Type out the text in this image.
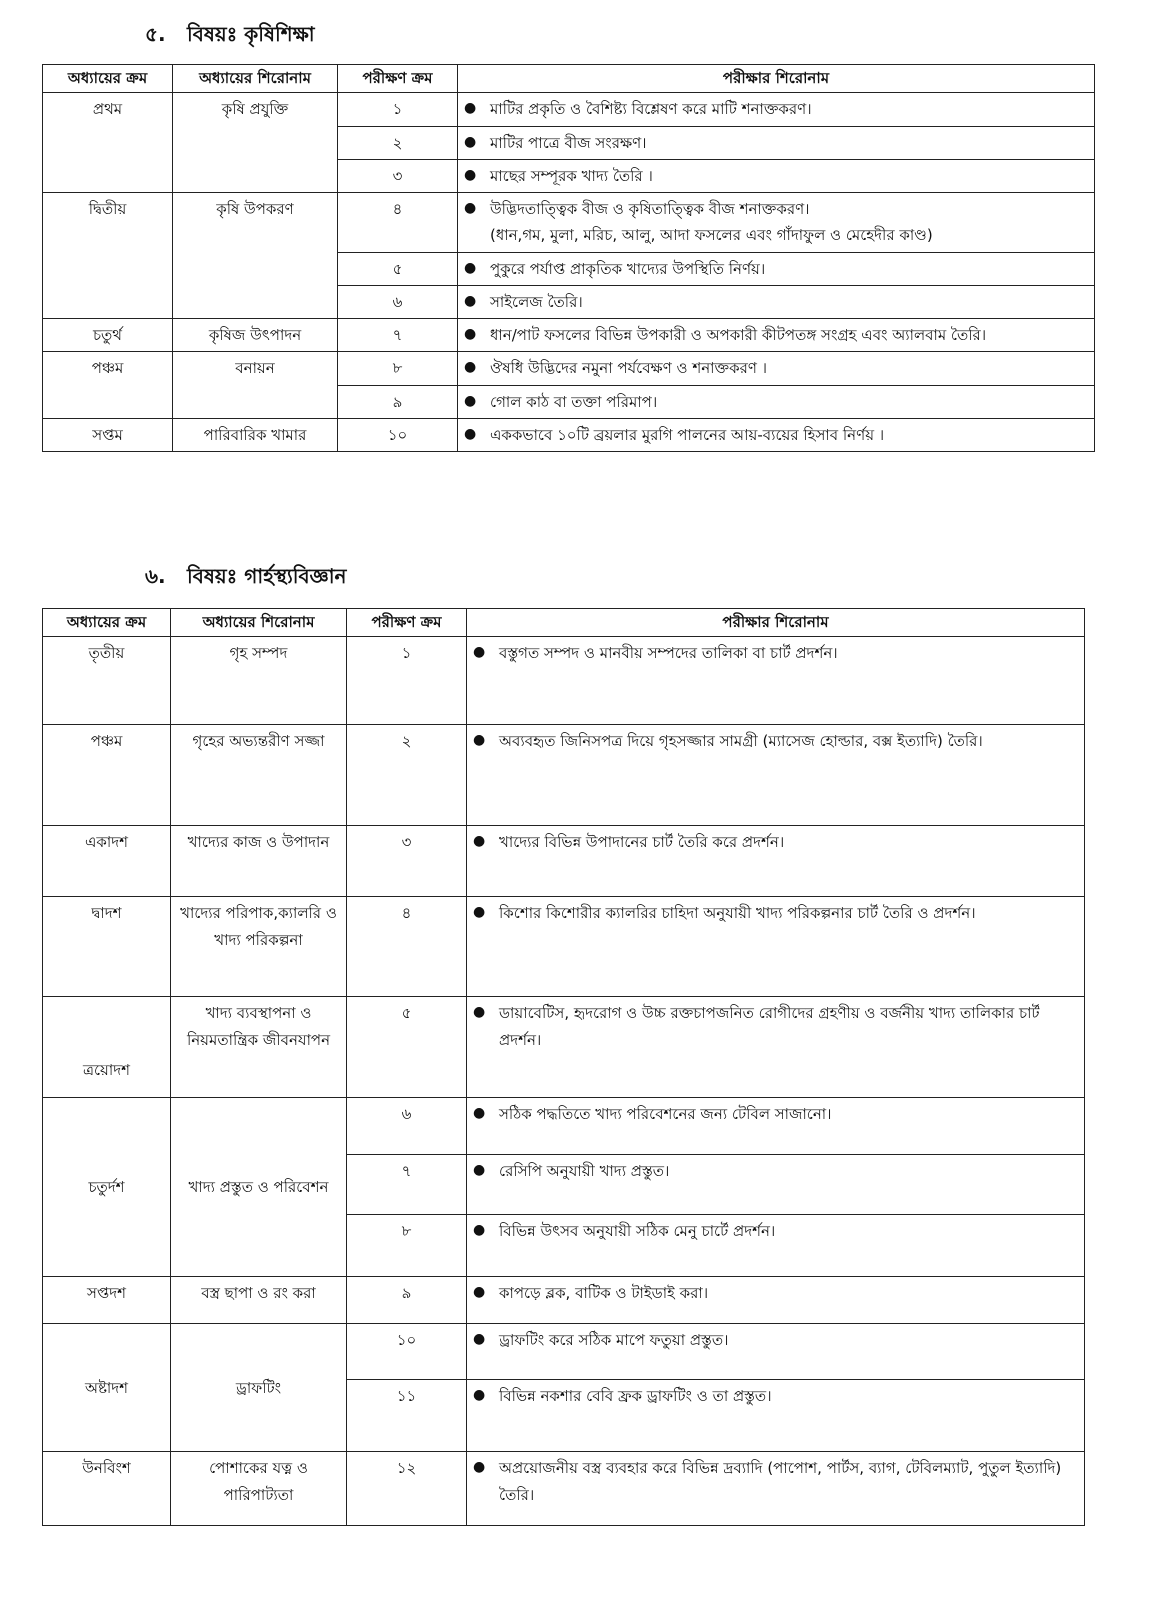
৫. বিষয়ঃ কৃষিশিক্ষা
অধ্যায়ের ক্রম	অধ্যায়ের শিরোনাম	পরীক্ষণ ক্রম	পরীক্ষার শিরোনাম
প্রথম	কৃষি প্রযুক্তি	১	● মাটির প্রকৃতি ও বৈশিষ্ট্য বিশ্লেষণ করে মাটি শনাক্তকরণ।
		২	● মাটির পাত্রে বীজ সংরক্ষণ।
		৩	● মাছের সম্পূরক খাদ্য তৈরি ।
দ্বিতীয়	কৃষি উপকরণ	৪	● উদ্ভিদতাত্ত্বিক বীজ ও কৃষিতাত্ত্বিক বীজ শনাক্তকরণ।
(ধান,গম, মুলা, মরিচ, আলু, আদা ফসলের এবং গাঁদাফুল ও মেহেদীর কাণ্ড)
		৫	● পুকুরে পর্যাপ্ত প্রাকৃতিক খাদ্যের উপস্থিতি নির্ণয়।
		৬	● সাইলেজ তৈরি।
চতুর্থ	কৃষিজ উৎপাদন	৭	● ধান/পাট ফসলের বিভিন্ন উপকারী ও অপকারী কীটপতঙ্গ সংগ্রহ এবং অ্যালবাম তৈরি।
পঞ্চম	বনায়ন	৮	● ঔষধি উদ্ভিদের নমুনা পর্যবেক্ষণ ও শনাক্তকরণ ।
		৯	● গোল কাঠ বা তক্তা পরিমাপ।
সপ্তম	পারিবারিক খামার	১০	● এককভাবে ১০টি ব্রয়লার মুরগি পালনের আয়-ব্যয়ের হিসাব নির্ণয় ।
৬. বিষয়ঃ গার্হস্থ্যবিজ্ঞান
অধ্যায়ের ক্রম	অধ্যায়ের শিরোনাম	পরীক্ষণ ক্রম	পরীক্ষার শিরোনাম
তৃতীয়	গৃহ সম্পদ	১	● বস্তুগত সম্পদ ও মানবীয় সম্পদের তালিকা বা চার্ট প্রদর্শন।
পঞ্চম	গৃহের অভ্যন্তরীণ সজ্জা	২	● অব্যবহৃত জিনিসপত্র দিয়ে গৃহসজ্জার সামগ্রী (ম্যাসেজ হোল্ডার, বক্স ইত্যাদি) তৈরি।
একাদশ	খাদ্যের কাজ ও উপাদান	৩	● খাদ্যের বিভিন্ন উপাদানের চার্ট তৈরি করে প্রদর্শন।
দ্বাদশ	খাদ্যের পরিপাক,ক্যালরি ও খাদ্য পরিকল্পনা	৪	● কিশোর কিশোরীর ক্যালরির চাহিদা অনুযায়ী খাদ্য পরিকল্পনার চার্ট তৈরি ও প্রদর্শন।
ত্রয়োদশ	খাদ্য ব্যবস্থাপনা ও নিয়মতান্ত্রিক জীবনযাপন	৫	● ডায়াবেটিস, হৃদরোগ ও উচ্চ রক্তচাপজনিত রোগীদের গ্রহণীয় ও বর্জনীয় খাদ্য তালিকার চার্ট প্রদর্শন।
চতুর্দশ	খাদ্য প্রস্তুত ও পরিবেশন	৬	● সঠিক পদ্ধতিতে খাদ্য পরিবেশনের জন্য টেবিল সাজানো।
		৭	● রেসিপি অনুযায়ী খাদ্য প্রস্তুত।
		৮	● বিভিন্ন উৎসব অনুযায়ী সঠিক মেনু চার্টে প্রদর্শন।
সপ্তদশ	বস্ত্র ছাপা ও রং করা	৯	● কাপড়ে ব্লক, বাটিক ও টাইডাই করা।
অষ্টাদশ	ড্রাফটিং	১০	●ড্রাফটিং করে সঠিক মাপে ফতুয়া প্রস্তুত।
		১১	● বিভিন্ন নকশার বেবি ফ্রক ড্রাফটিং ও তা প্রস্তুত।
উনবিংশ	পোশাকের যত্ন ও পারিপাট্যতা	১২	● অপ্রয়োজনীয় বস্ত্র ব্যবহার করে বিভিন্ন দ্রব্যাদি (পাপোশ, পার্টস, ব্যাগ, টেবিলম্যাট, পুতুল ইত্যাদি) তৈরি।
